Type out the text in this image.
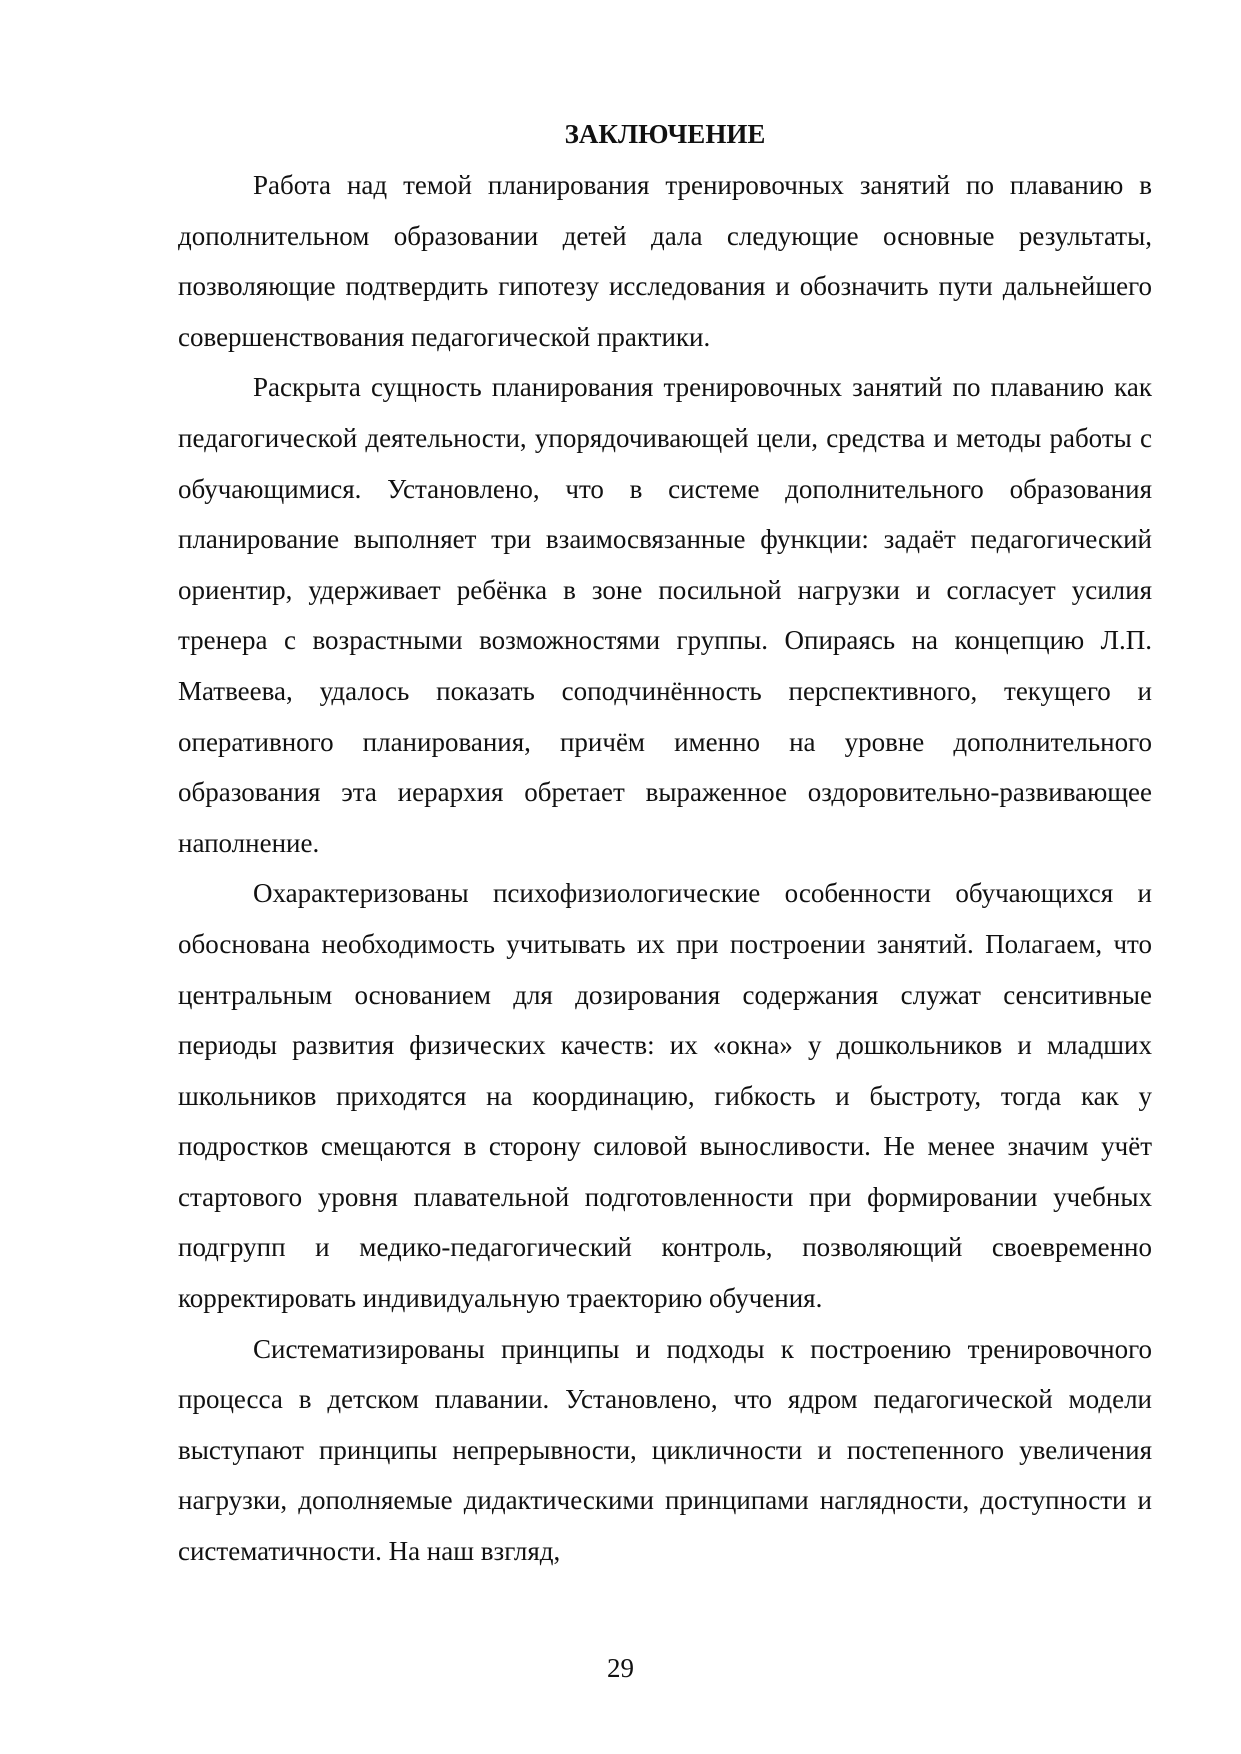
ЗАКЛЮЧЕНИЕ

Работа над темой планирования тренировочных занятий по плаванию в дополнительном образовании детей дала следующие основные результаты, позволяющие подтвердить гипотезу исследования и обозначить пути дальнейшего совершенствования педагогической практики.

Раскрыта сущность планирования тренировочных занятий по плаванию как педагогической деятельности, упорядочивающей цели, средства и методы работы с обучающимися. Установлено, что в системе дополнительного образования планирование выполняет три взаимосвязанные функции: задаёт педагогический ориентир, удерживает ребёнка в зоне посильной нагрузки и согласует усилия тренера с возрастными возможностями группы. Опираясь на концепцию Л.П. Матвеева, удалось показать соподчинённость перспективного, текущего и оперативного планирования, причём именно на уровне дополнительного образования эта иерархия обретает выраженное оздоровительно-развивающее наполнение.

Охарактеризованы психофизиологические особенности обучающихся и обоснована необходимость учитывать их при построении занятий. Полагаем, что центральным основанием для дозирования содержания служат сенситивные периоды развития физических качеств: их «окна» у дошкольников и младших школьников приходятся на координацию, гибкость и быстроту, тогда как у подростков смещаются в сторону силовой выносливости. Не менее значим учёт стартового уровня плавательной подготовленности при формировании учебных подгрупп и медико-педагогический контроль, позволяющий своевременно корректировать индивидуальную траекторию обучения.

Систематизированы принципы и подходы к построению тренировочного процесса в детском плавании. Установлено, что ядром педагогической модели выступают принципы непрерывности, цикличности и постепенного увеличения нагрузки, дополняемые дидактическими принципами наглядности, доступности и систематичности. На наш взгляд,

29
